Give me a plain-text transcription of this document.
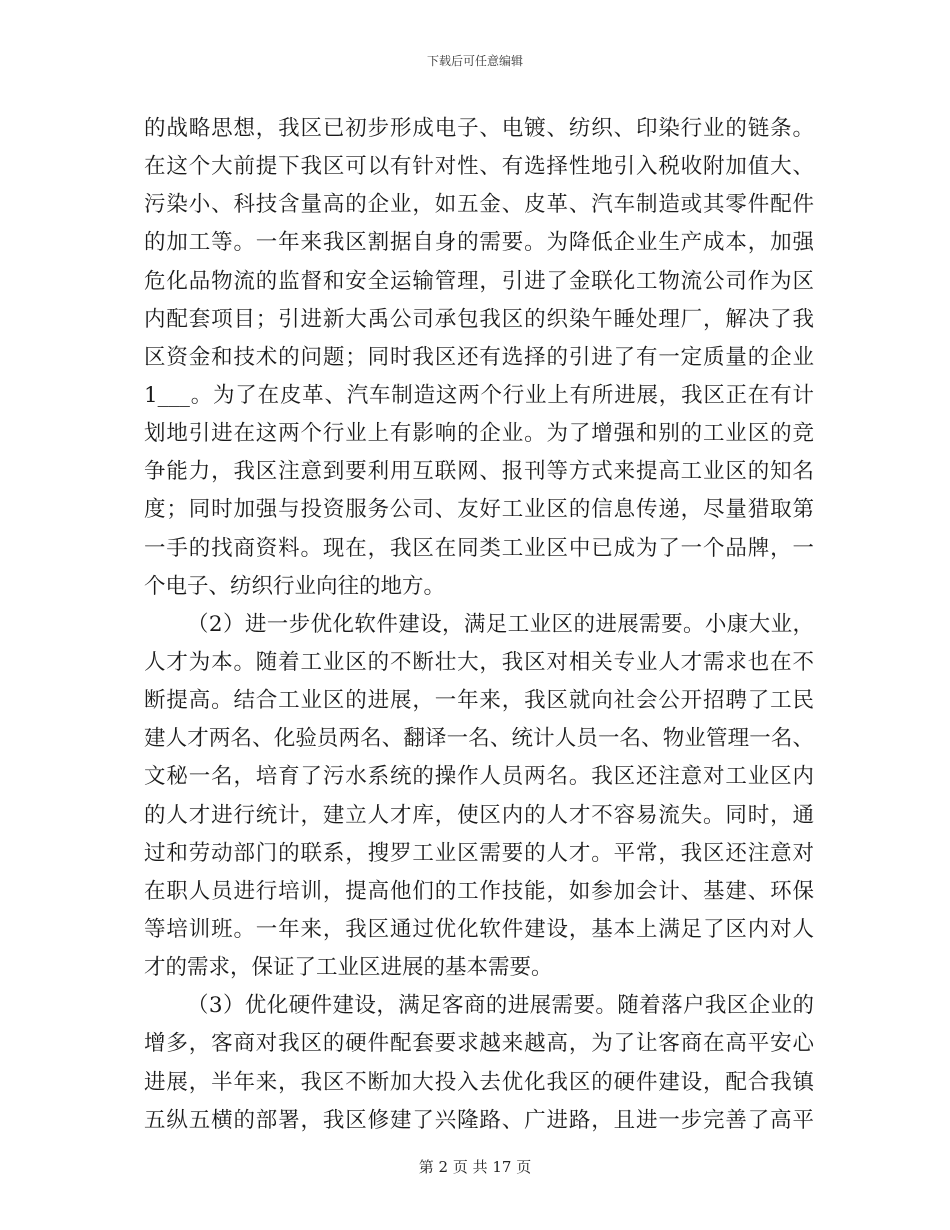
下载后可任意编辑
的战略思想，我区已初步形成电子、电镀、纺织、印染行业的链条。
在这个大前提下我区可以有针对性、有选择性地引入税收附加值大、
污染小、科技含量高的企业，如五金、皮革、汽车制造或其零件配件
的加工等。一年来我区割据自身的需要。为降低企业生产成本，加强
危化品物流的监督和安全运输管理，引进了金联化工物流公司作为区
内配套项目；引进新大禹公司承包我区的织染午睡处理厂，解决了我
区资金和技术的问题；同时我区还有选择的引进了有一定质量的企业
1___。为了在皮革、汽车制造这两个行业上有所进展，我区正在有计
划地引进在这两个行业上有影响的企业。为了增强和别的工业区的竞
争能力，我区注意到要利用互联网、报刊等方式来提高工业区的知名
度；同时加强与投资服务公司、友好工业区的信息传递，尽量猎取第
一手的找商资料。现在，我区在同类工业区中已成为了一个品牌，一
个电子、纺织行业向往的地方。
（2）进一步优化软件建设，满足工业区的进展需要。小康大业，
人才为本。随着工业区的不断壮大，我区对相关专业人才需求也在不
断提高。结合工业区的进展，一年来，我区就向社会公开招聘了工民
建人才两名、化验员两名、翻译一名、统计人员一名、物业管理一名、
文秘一名，培育了污水系统的操作人员两名。我区还注意对工业区内
的人才进行统计，建立人才库，使区内的人才不容易流失。同时，通
过和劳动部门的联系，搜罗工业区需要的人才。平常，我区还注意对
在职人员进行培训，提高他们的工作技能，如参加会计、基建、环保
等培训班。一年来，我区通过优化软件建设，基本上满足了区内对人
才的需求，保证了工业区进展的基本需要。
（3）优化硬件建设，满足客商的进展需要。随着落户我区企业的
增多，客商对我区的硬件配套要求越来越高，为了让客商在高平安心
进展，半年来，我区不断加大投入去优化我区的硬件建设，配合我镇
五纵五横的部署，我区修建了兴隆路、广进路，且进一步完善了高平
第 2 页 共 17 页
